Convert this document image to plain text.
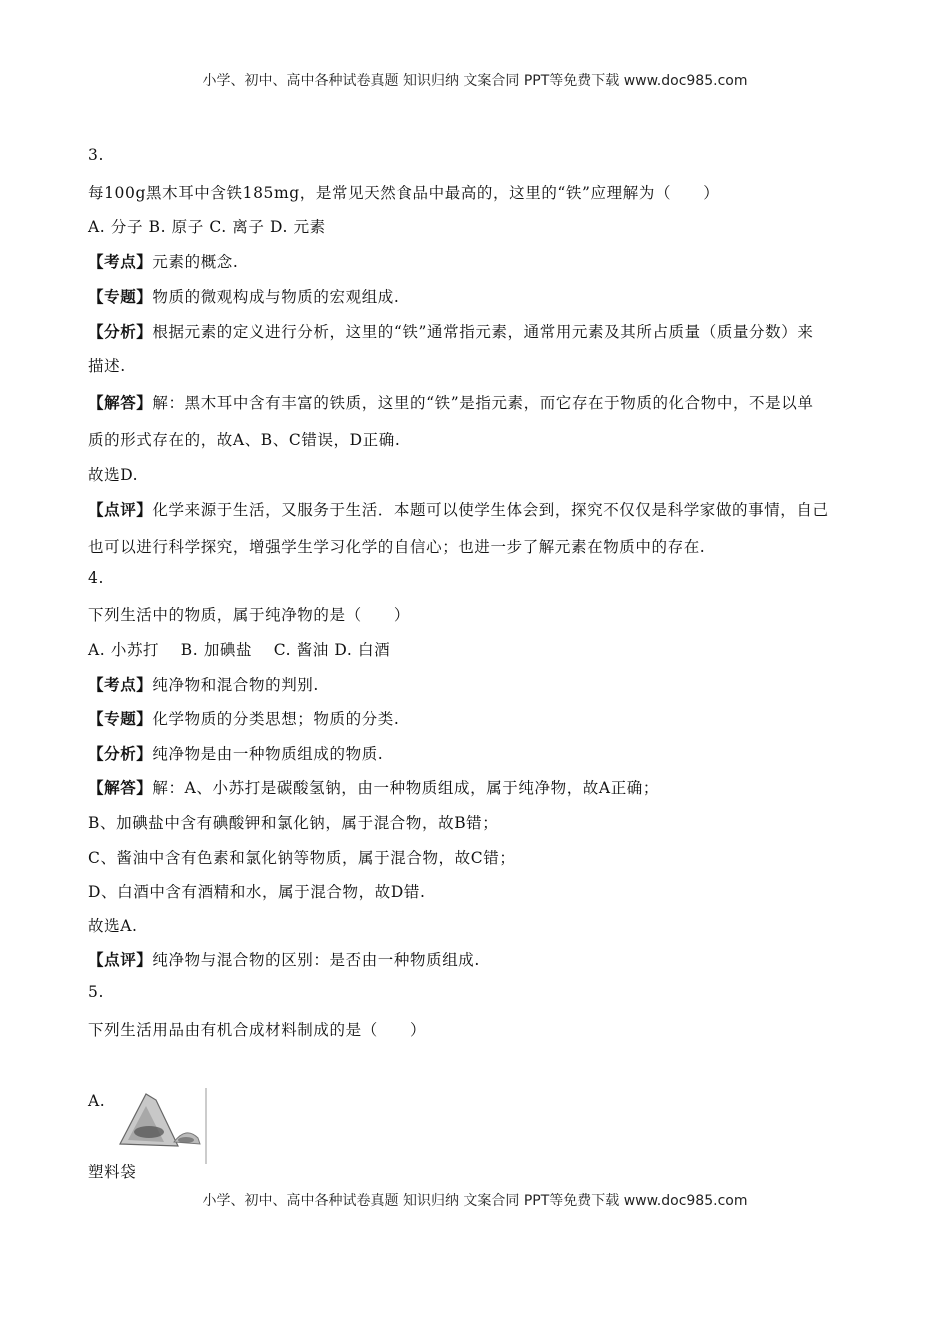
小学、初中、高中各种试卷真题 知识归纳 文案合同 PPT等免费下载 www.doc985.com
3.
每100g黑木耳中含铁185mg，是常见天然食品中最高的，这里的“铁”应理解为（　　）
A. 分子 B. 原子 C. 离子 D. 元素
【考点】元素的概念.
【专题】物质的微观构成与物质的宏观组成.
【分析】根据元素的定义进行分析，这里的“铁”通常指元素，通常用元素及其所占质量（质量分数）来
描述.
【解答】解：黑木耳中含有丰富的铁质，这里的“铁”是指元素，而它存在于物质的化合物中，不是以单
质的形式存在的，故A、B、C错误，D正确.
故选D.
【点评】化学来源于生活，又服务于生活．本题可以使学生体会到，探究不仅仅是科学家做的事情，自己
也可以进行科学探究，增强学生学习化学的自信心；也进一步了解元素在物质中的存在.
4.
下列生活中的物质，属于纯净物的是（　　）
A. 小苏打　 B. 加碘盐　 C. 酱油 D. 白酒
【考点】纯净物和混合物的判别.
【专题】化学物质的分类思想；物质的分类.
【分析】纯净物是由一种物质组成的物质.
【解答】解：A、小苏打是碳酸氢钠，由一种物质组成，属于纯净物，故A正确；
B、加碘盐中含有碘酸钾和氯化钠，属于混合物，故B错；
C、酱油中含有色素和氯化钠等物质，属于混合物，故C错；
D、白酒中含有酒精和水，属于混合物，故D错.
故选A.
【点评】纯净物与混合物的区别：是否由一种物质组成.
5.
下列生活用品由有机合成材料制成的是（　　）
A.
塑料袋
小学、初中、高中各种试卷真题 知识归纳 文案合同 PPT等免费下载 www.doc985.com
